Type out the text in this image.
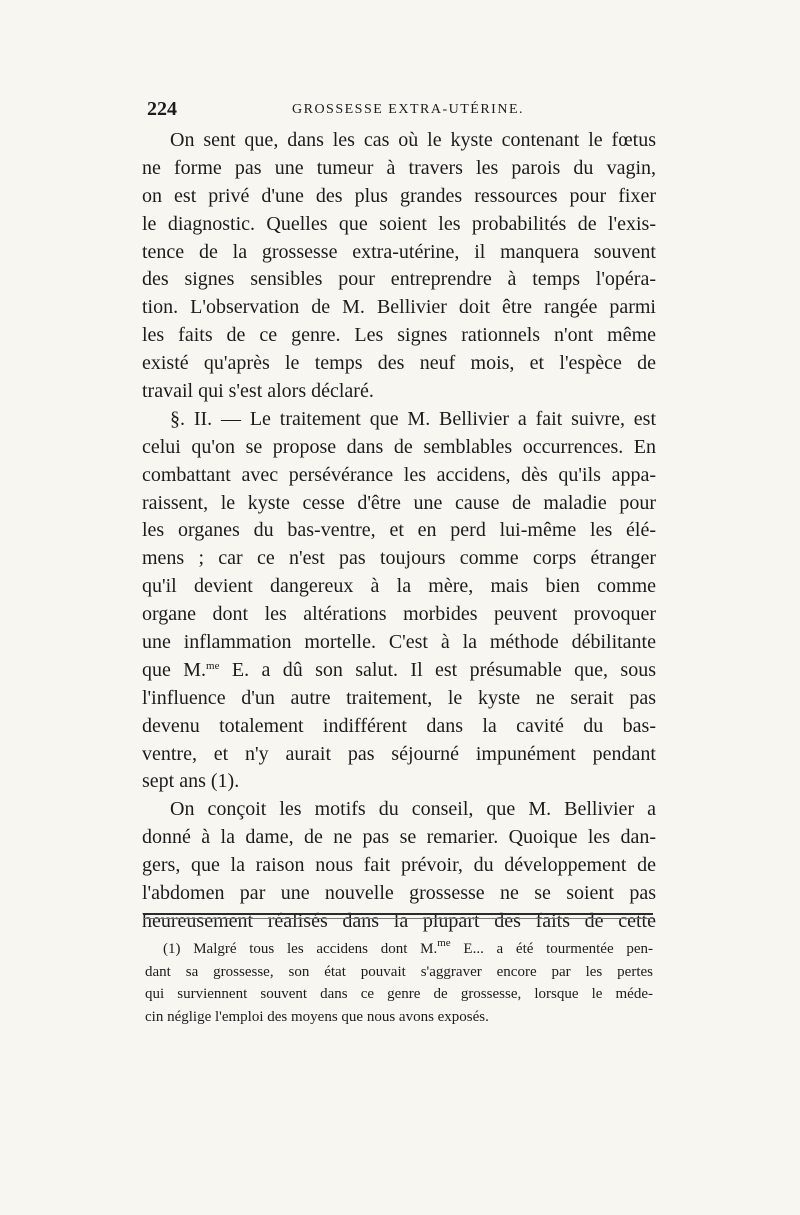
224	GROSSESSE EXTRA-UTÉRINE.
On sent que, dans les cas où le kyste contenant le fœtus
ne forme pas une tumeur à travers les parois du vagin,
on est privé d'une des plus grandes ressources pour fixer
le diagnostic. Quelles que soient les probabilités de l'exis-
tence de la grossesse extra-utérine, il manquera souvent
des signes sensibles pour entreprendre à temps l'opéra-
tion. L'observation de M. Bellivier doit être rangée parmi
les faits de ce genre. Les signes rationnels n'ont même
existé qu'après le temps des neuf mois, et l'espèce de
travail qui s'est alors déclaré.
§. II. — Le traitement que M. Bellivier a fait suivre, est
celui qu'on se propose dans de semblables occurrences. En
combattant avec persévérance les accidens, dès qu'ils appa-
raissent, le kyste cesse d'être une cause de maladie pour
les organes du bas-ventre, et en perd lui-même les élé-
mens ; car ce n'est pas toujours comme corps étranger
qu'il devient dangereux à la mère, mais bien comme
organe dont les altérations morbides peuvent provoquer
une inflammation mortelle. C'est à la méthode débilitante
que M.$^{me}$ E. a dû son salut. Il est présumable que, sous
l'influence d'un autre traitement, le kyste ne serait pas
devenu totalement indifférent dans la cavité du bas-
ventre, et n'y aurait pas séjourné impunément pendant
sept ans (1).
On conçoit les motifs du conseil, que M. Bellivier a
donné à la dame, de ne pas se remarier. Quoique les dan-
gers, que la raison nous fait prévoir, du développement de
l'abdomen par une nouvelle grossesse ne se soient pas
heureusement réalisés dans la plupart des faits de cette
(1) Malgré tous les accidens dont M.$^{me}$ E... a été tourmentée pen-
dant sa grossesse, son état pouvait s'aggraver encore par les pertes
qui surviennent souvent dans ce genre de grossesse, lorsque le méde-
cin néglige l'emploi des moyens que nous avons exposés.
